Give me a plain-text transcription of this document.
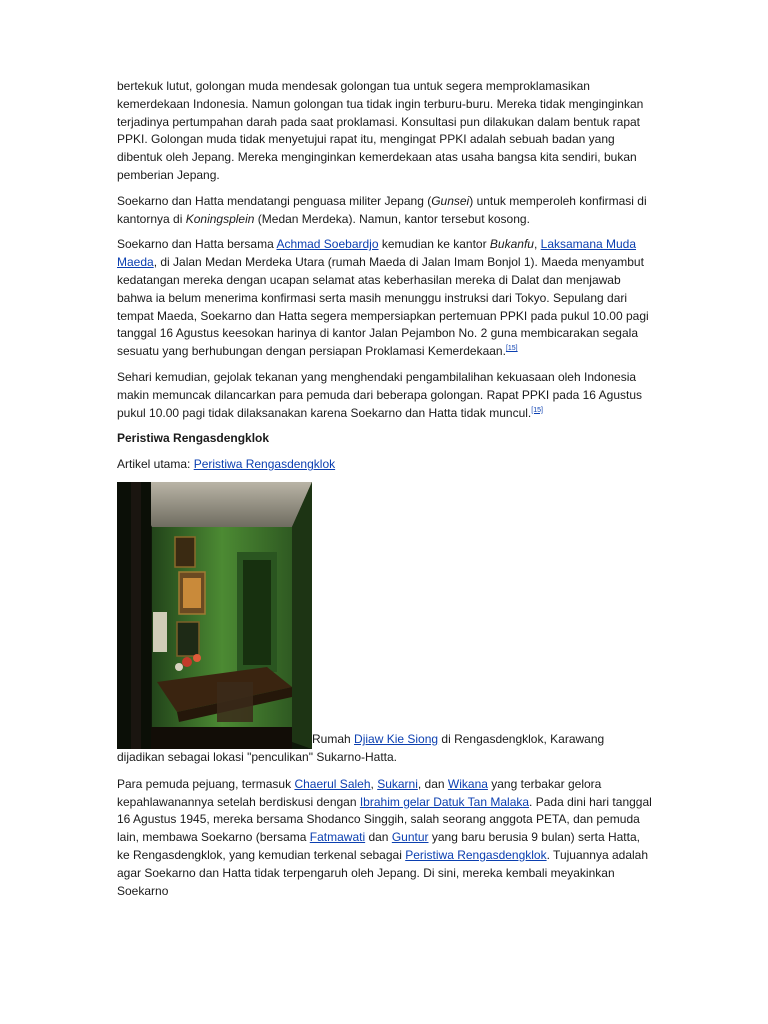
bertekuk lutut, golongan muda mendesak golongan tua untuk segera memproklamasikan kemerdekaan Indonesia. Namun golongan tua tidak ingin terburu-buru. Mereka tidak menginginkan terjadinya pertumpahan darah pada saat proklamasi. Konsultasi pun dilakukan dalam bentuk rapat PPKI. Golongan muda tidak menyetujui rapat itu, mengingat PPKI adalah sebuah badan yang dibentuk oleh Jepang. Mereka menginginkan kemerdekaan atas usaha bangsa kita sendiri, bukan pemberian Jepang.

Soekarno dan Hatta mendatangi penguasa militer Jepang (Gunsei) untuk memperoleh konfirmasi di kantornya di Koningsplein (Medan Merdeka). Namun, kantor tersebut kosong.

Soekarno dan Hatta bersama Achmad Soebardjo kemudian ke kantor Bukanfu, Laksamana Muda Maeda, di Jalan Medan Merdeka Utara (rumah Maeda di Jalan Imam Bonjol 1). Maeda menyambut kedatangan mereka dengan ucapan selamat atas keberhasilan mereka di Dalat dan menjawab bahwa ia belum menerima konfirmasi serta masih menunggu instruksi dari Tokyo. Sepulang dari tempat Maeda, Soekarno dan Hatta segera mempersiapkan pertemuan PPKI pada pukul 10.00 pagi tanggal 16 Agustus keesokan harinya di kantor Jalan Pejambon No. 2 guna membicarakan segala sesuatu yang berhubungan dengan persiapan Proklamasi Kemerdekaan.[15]

Sehari kemudian, gejolak tekanan yang menghendaki pengambilalihan kekuasaan oleh Indonesia makin memuncak dilancarkan para pemuda dari beberapa golongan. Rapat PPKI pada 16 Agustus pukul 10.00 pagi tidak dilaksanakan karena Soekarno dan Hatta tidak muncul.[15]

Peristiwa Rengasdengklok

Artikel utama: Peristiwa Rengasdengklok

Rumah Djiaw Kie Siong di Rengasdengklok, Karawang dijadikan sebagai lokasi "penculikan" Sukarno-Hatta.

Para pemuda pejuang, termasuk Chaerul Saleh, Sukarni, dan Wikana yang terbakar gelora kepahlawanannya setelah berdiskusi dengan Ibrahim gelar Datuk Tan Malaka. Pada dini hari tanggal 16 Agustus 1945, mereka bersama Shodanco Singgih, salah seorang anggota PETA, dan pemuda lain, membawa Soekarno (bersama Fatmawati dan Guntur yang baru berusia 9 bulan) serta Hatta, ke Rengasdengklok, yang kemudian terkenal sebagai Peristiwa Rengasdengklok. Tujuannya adalah agar Soekarno dan Hatta tidak terpengaruh oleh Jepang. Di sini, mereka kembali meyakinkan Soekarno
